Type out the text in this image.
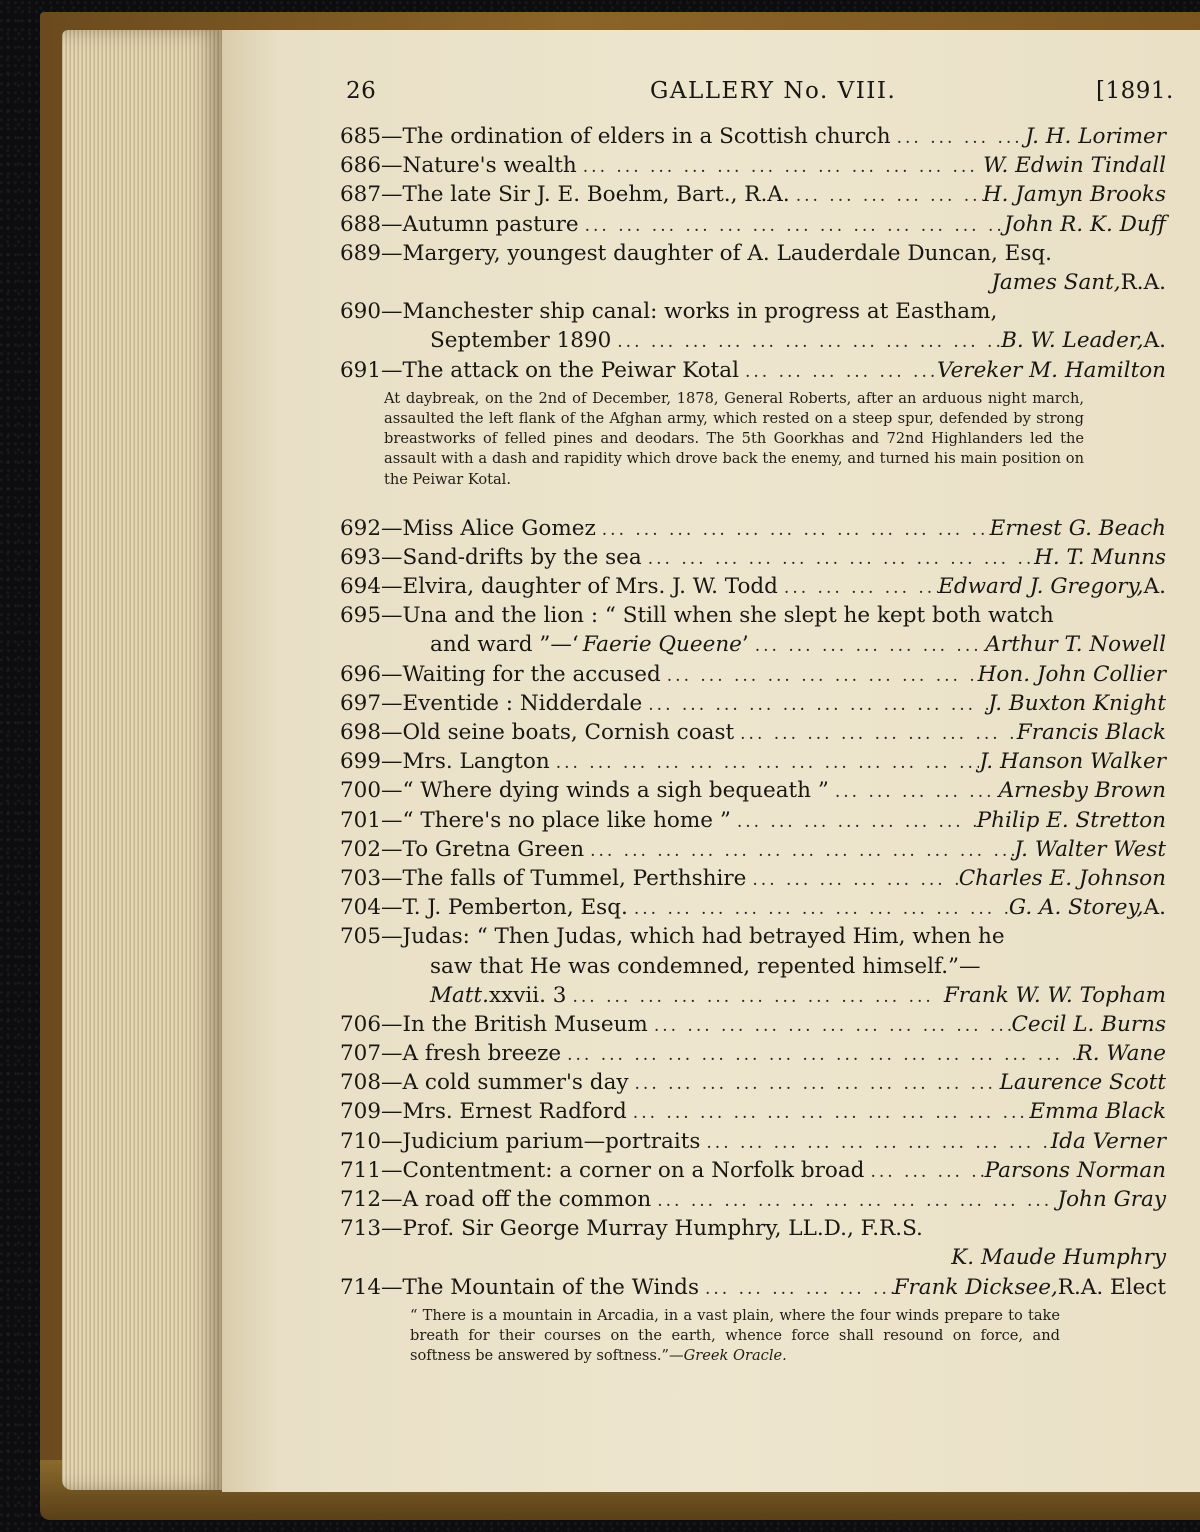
26	GALLERY No. VIII.	[1891.
685— The ordination of elders in a Scottish church ... .	J. H. Lorimer
686— Nature's wealth ... .	W. Edwin Tindall
687— The late Sir J. E. Boehm, Bart., R.A. ... .	H. Jamyn Brooks
688— Autumn pasture ... .	John R. K. Duff
689— Margery, youngest daughter of A. Lauderdale Duncan, Esq.
James Sant, R.A.
690— Manchester ship canal: works in progress at Eastham,
September 1890 ... .	B. W. Leader, A.
691— The attack on the Peiwar Kotal ... .	Vereker M. Hamilton
At daybreak, on the 2nd of December, 1878, General Roberts, after an arduous night march, assaulted the left flank of the Afghan army, which rested on a steep spur, defended by strong breastworks of felled pines and deodars. The 5th Goorkhas and 72nd Highlanders led the assault with a dash and rapidity which drove back the enemy, and turned his main position on the Peiwar Kotal.
692— Miss Alice Gomez ... .	Ernest G. Beach
693— Sand-drifts by the sea ... .	H. T. Munns
694— Elvira, daughter of Mrs. J. W. Todd ... .	Edward J. Gregory, A.
695— Una and the lion : “ Still when she slept he kept both watch
and ward ”—‘ Faerie Queene ’ ... .	Arthur T. Nowell
696— Waiting for the accused ... .	Hon. John Collier
697— Eventide : Nidderdale ... .	J. Buxton Knight
698— Old seine boats, Cornish coast ... .	Francis Black
699— Mrs. Langton ... .	J. Hanson Walker
700— “ Where dying winds a sigh bequeath ” ... .	Arnesby Brown
701— “ There's no place like home ” ... .	Philip E. Stretton
702— To Gretna Green ... .	J. Walter West
703— The falls of Tummel, Perthshire ... .	Charles E. Johnson
704— T. J. Pemberton, Esq. ... .	G. A. Storey, A.
705— Judas: “ Then Judas, which had betrayed Him, when he
saw that He was condemned, repented himself.”—
Matt. xxvii. 3 ... .	Frank W. W. Topham
706— In the British Museum ... .	Cecil L. Burns
707— A fresh breeze ... .	R. Wane
708— A cold summer's day ... .	Laurence Scott
709— Mrs. Ernest Radford ... .	Emma Black
710— Judicium parium—portraits ... .	Ida Verner
711— Contentment: a corner on a Norfolk broad ... .	Parsons Norman
712— A road off the common ... .	John Gray
713— Prof. Sir George Murray Humphry, LL.D., F.R.S.
K. Maude Humphry
714— The Mountain of the Winds ... .	Frank Dicksee, R.A. Elect
“ There is a mountain in Arcadia, in a vast plain, where the four winds prepare to take breath for their courses on the earth, whence force shall resound on force, and softness be answered by softness.”—Greek Oracle.
